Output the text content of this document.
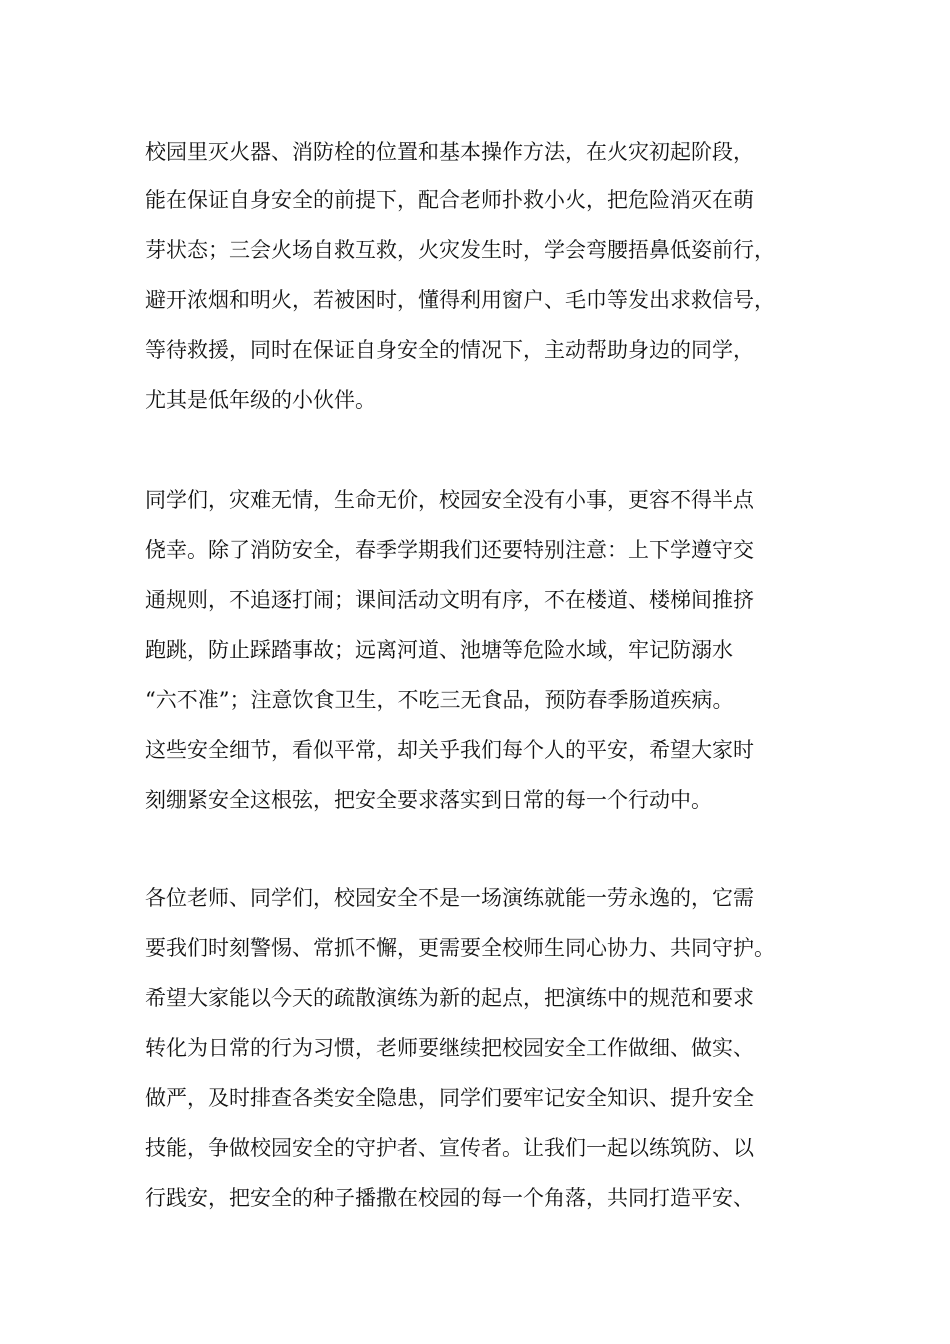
校园里灭火器、消防栓的位置和基本操作方法，在火灾初起阶段，

能在保证自身安全的前提下，配合老师扑救小火，把危险消灭在萌

芽状态；三会火场自救互救，火灾发生时，学会弯腰捂鼻低姿前行，

避开浓烟和明火，若被困时，懂得利用窗户、毛巾等发出求救信号，

等待救援，同时在保证自身安全的情况下，主动帮助身边的同学，

尤其是低年级的小伙伴。

同学们，灾难无情，生命无价，校园安全没有小事，更容不得半点

侥幸。除了消防安全，春季学期我们还要特别注意：上下学遵守交

通规则，不追逐打闹；课间活动文明有序，不在楼道、楼梯间推挤

跑跳，防止踩踏事故；远离河道、池塘等危险水域，牢记防溺水

“六不准”；注意饮食卫生，不吃三无食品，预防春季肠道疾病。

这些安全细节，看似平常，却关乎我们每个人的平安，希望大家时

刻绷紧安全这根弦，把安全要求落实到日常的每一个行动中。

各位老师、同学们，校园安全不是一场演练就能一劳永逸的，它需

要我们时刻警惕、常抓不懈，更需要全校师生同心协力、共同守护。

希望大家能以今天的疏散演练为新的起点，把演练中的规范和要求

转化为日常的行为习惯，老师要继续把校园安全工作做细、做实、

做严，及时排查各类安全隐患，同学们要牢记安全知识、提升安全

技能，争做校园安全的守护者、宣传者。让我们一起以练筑防、以

行践安，把安全的种子播撒在校园的每一个角落，共同打造平安、
